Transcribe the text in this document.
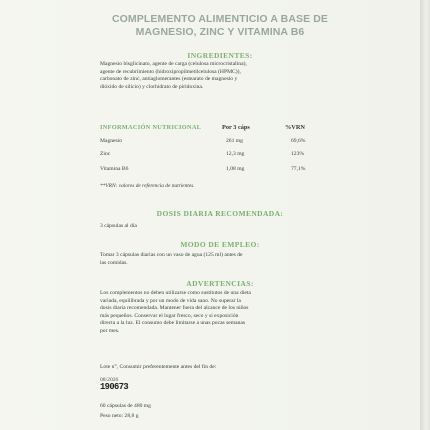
COMPLEMENTO ALIMENTICIO A BASE DE
MAGNESIO, ZINC Y VITAMINA B6
INGREDIENTES:
Magnesio bisglicinato, agente de carga (celulosa microcristalina),
agente de recubrimiento (hidroxipropilmetilcelulosa (HPMC)),
carbonato de zinc, antiaglomerantes (estearato de magnesio y
dióxido de silicio) y clorhidrato de piridoxina.
INFORMACIÓN NUTRICIONAL	Por 3 cáps	%VRN
Magnesio	261 mg	69,6%
Zinc	12,3 mg	123%
Vitamina B6	1,08 mg	77,1%
**VRN: valores de referencia de nutrientes.
DOSIS DIARIA RECOMENDADA:
3 cápsulas al día
MODO DE EMPLEO:
Tomar 3 cápsulas diarias con un vaso de agua (125 ml) antes de
las comidas.
ADVERTENCIAS:
Los complementos no deben utilizarse como sustitutos de una dieta
variada, equilibrada y por un modo de vida sano. No superar la
dosis diaria recomendada. Mantener fuera del alcance de los niños
más pequeños. Conservar el lugar fresco, seco y si exposición
directa a la luz. El consumo debe limitarse a unas pocas semanas
por mes.
Lote n°, Consumir preferentemente antes del fin de:
08/2026
190673
60 cápsulas de 480 mg
Peso neto: 28,8 g
